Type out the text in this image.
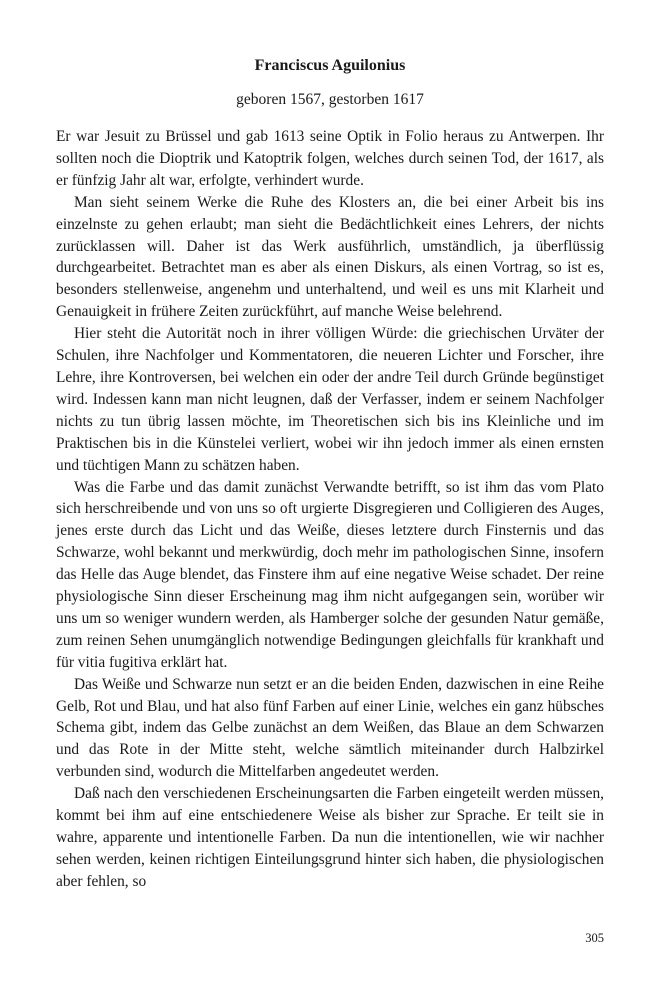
Franciscus Aguilonius
geboren 1567, gestorben 1617

Er war Jesuit zu Brüssel und gab 1613 seine Optik in Folio heraus zu Antwerpen. Ihr sollten noch die Dioptrik und Katoptrik folgen, welches durch seinen Tod, der 1617, als er fünfzig Jahr alt war, erfolgte, verhindert wurde.

Man sieht seinem Werke die Ruhe des Klosters an, die bei einer Arbeit bis ins einzelnste zu gehen erlaubt; man sieht die Bedächtlichkeit eines Lehrers, der nichts zurücklassen will. Daher ist das Werk ausführlich, umständlich, ja überflüssig durchgearbeitet. Betrachtet man es aber als einen Diskurs, als einen Vortrag, so ist es, besonders stellenweise, angenehm und unterhaltend, und weil es uns mit Klarheit und Genauigkeit in frühere Zeiten zurückführt, auf manche Weise belehrend.

Hier steht die Autorität noch in ihrer völligen Würde: die griechischen Urväter der Schulen, ihre Nachfolger und Kommentatoren, die neueren Lichter und Forscher, ihre Lehre, ihre Kontroversen, bei welchen ein oder der andre Teil durch Gründe begünstiget wird. Indessen kann man nicht leugnen, daß der Verfasser, indem er seinem Nachfolger nichts zu tun übrig lassen möchte, im Theoretischen sich bis ins Kleinliche und im Praktischen bis in die Künstelei verliert, wobei wir ihn jedoch immer als einen ernsten und tüchtigen Mann zu schätzen haben.

Was die Farbe und das damit zunächst Verwandte betrifft, so ist ihm das vom Plato sich herschreibende und von uns so oft urgierte Disgregieren und Colligieren des Auges, jenes erste durch das Licht und das Weiße, dieses letztere durch Finsternis und das Schwarze, wohl bekannt und merkwürdig, doch mehr im pathologischen Sinne, insofern das Helle das Auge blendet, das Finstere ihm auf eine negative Weise schadet. Der reine physiologische Sinn dieser Erscheinung mag ihm nicht aufgegangen sein, worüber wir uns um so weniger wundern werden, als Hamberger solche der gesunden Natur gemäße, zum reinen Sehen unumgänglich notwendige Bedingungen gleichfalls für krankhaft und für vitia fugitiva erklärt hat.

Das Weiße und Schwarze nun setzt er an die beiden Enden, dazwischen in eine Reihe Gelb, Rot und Blau, und hat also fünf Farben auf einer Linie, welches ein ganz hübsches Schema gibt, indem das Gelbe zunächst an dem Weißen, das Blaue an dem Schwarzen und das Rote in der Mitte steht, welche sämtlich miteinander durch Halbzirkel verbunden sind, wodurch die Mittelfarben angedeutet werden.

Daß nach den verschiedenen Erscheinungsarten die Farben eingeteilt werden müssen, kommt bei ihm auf eine entschiedenere Weise als bisher zur Sprache. Er teilt sie in wahre, apparente und intentionelle Farben. Da nun die intentionellen, wie wir nachher sehen werden, keinen richtigen Einteilungsgrund hinter sich haben, die physiologischen aber fehlen, so

305
